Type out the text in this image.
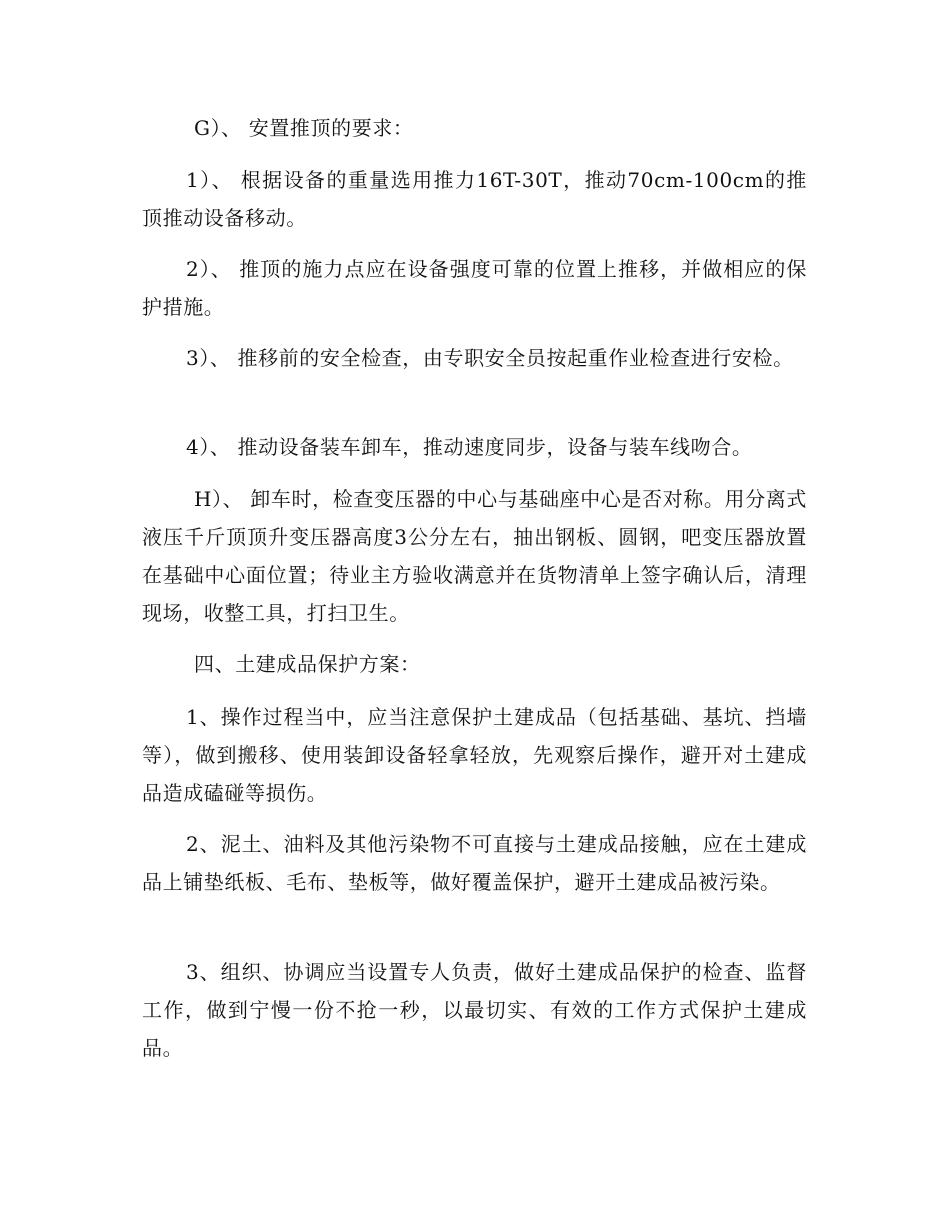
G）、 安置推顶的要求：

1）、 根据设备的重量选用推力16T-30T，推动70cm-100cm的推顶推动设备移动。

2）、 推顶的施力点应在设备强度可靠的位置上推移，并做相应的保护措施。

3）、 推移前的安全检查，由专职安全员按起重作业检查进行安检。

4）、 推动设备装车卸车，推动速度同步，设备与装车线吻合。

H）、 卸车时，检查变压器的中心与基础座中心是否对称。用分离式液压千斤顶顶升变压器高度3公分左右，抽出钢板、圆钢，吧变压器放置在基础中心面位置；待业主方验收满意并在货物清单上签字确认后，清理现场，收整工具，打扫卫生。

四、土建成品保护方案：

1、操作过程当中，应当注意保护土建成品（包括基础、基坑、挡墙等），做到搬移、使用装卸设备轻拿轻放，先观察后操作，避开对土建成品造成磕碰等损伤。

2、泥土、油料及其他污染物不可直接与土建成品接触，应在土建成品上铺垫纸板、毛布、垫板等，做好覆盖保护，避开土建成品被污染。

3、组织、协调应当设置专人负责，做好土建成品保护的检查、监督工作，做到宁慢一份不抢一秒，以最切实、有效的工作方式保护土建成品。
